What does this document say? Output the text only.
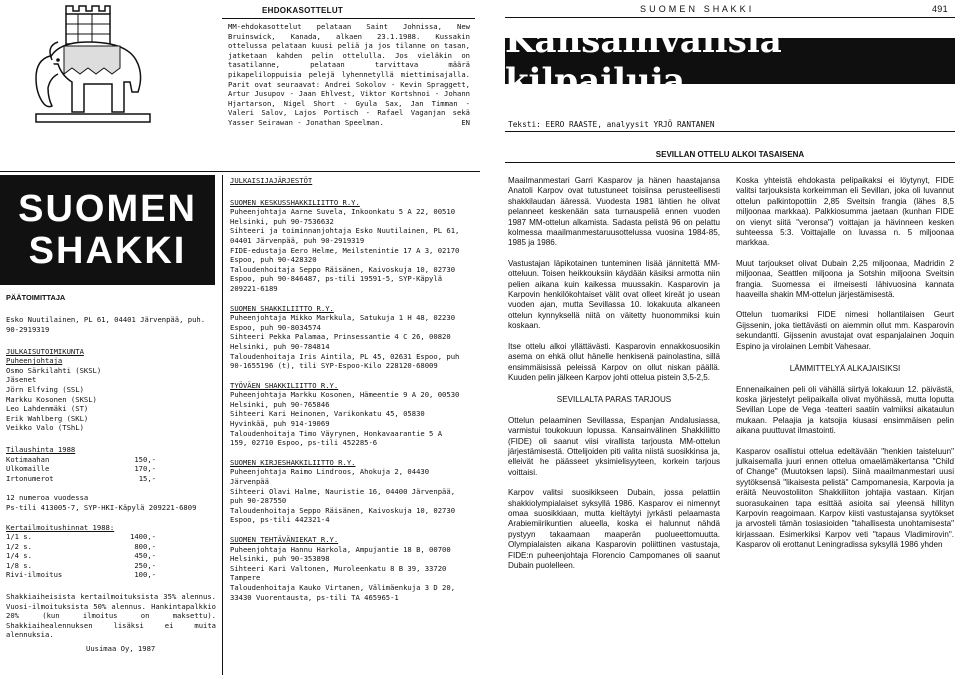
EHDOKASOTTELUT
MM-ehdokasottelut pelataan Saint Johnissa, New Bruinswick, Kanada, alkaen 23.1.1988. Kussakin ottelussa pelataan kuusi peliä ja jos tilanne on tasan, jatketaan kahden pelin ottelulla. Jos vieläkin on tasatilanne, pelataan tarvittava määrä pikapeliloppuisia pelejä lyhennetyllä miettimisajalla. Parit ovat seuraavat: Andrei Sokolov - Kevin Spraggett, Artur Jusupov - Jaan Ehlvest, Viktor Kortshnoi - Johann Hjartarson, Nigel Short - Gyula Sax, Jan Timman - Valeri Salov, Lajos Portisch - Rafael Vaganjan sekä Yasser Seirawan - Jonathan Speelman.	EN
S U O M E N   S H A K K I	491
Kansainvälisiä kilpailuja
Teksti: EERO RAASTE, analyysit YRJÖ RANTANEN
SEVILLAN OTTELU ALKOI TASAISENA
SUOMEN
SHAKKI
PÄÄTOIMITTAJA
Esko Nuutilainen, PL 61, 04401 Järvenpää, puh. 90-2919319
JULKAISUTOIMIKUNTA
Puheenjohtaja
Osmo Särkilahti (SKSL)
Jäsenet
Jörn Elfving (SSL)
Markku Kosonen (SKSL)
Leo Lahdenmäki (ST)
Erik Wahlberg (SKL)
Veikko Valo (TShL)
Tilaushinta 1988
Kotimaahan	150,-
Ulkomaille	170,-
Irtonumerot	15,-
12 numeroa vuodessa
Ps-tili 413005-7, SYP-HKI-Käpylä 209221-6809
Kertailmoitushinnat 1988:
1/1 s.	1400,-
1/2 s.	800,-
1/4 s.	450,-
1/8 s.	250,-
Rivi-ilmoitus	100,-
Shakkiaiheisista kertailmoituksista 35% alennus. Vuosi-ilmoituksista 50% alennus. Hankintapalkkio 20% (kun ilmoitus on maksettu). Shakkiaihealennuksen lisäksi ei muita alennuksia.
Uusimaa Oy, 1987
JULKAISIJAJÄRJESTÖT
SUOMEN KESKUSSHAKKILIITTO R.Y.
Puheenjohtaja Aarne Suvela, Inkoonkatu 5 A 22, 00510 Helsinki, puh 90-7536632
Sihteeri ja toiminnanjohtaja Esko Nuutilainen, PL 61, 04401 Järvenpää, puh 90-2919319
FIDE-edustaja Eero Helme, Meilstenintie 17 A 3, 02170 Espoo, puh 90-428320
Taloudenhoitaja Seppo Räisänen, Kaivoskuja 10, 02730 Espoo, puh 90-846487, ps-tili 19591-5, SYP-Käpylä 209221-6189
SUOMEN SHAKKILIITTO R.Y.
Puheenjohtaja Mikko Markkula, Satukuja 1 H 48, 02230 Espoo, puh 90-8034574
Sihteeri Pekka Palamaa, Prinsessantie 4 C 26, 00820 Helsinki, puh 90-784814
Taloudenhoitaja Iris Aintila, PL 45, 02631 Espoo, puh 90-1655196 (t), tili SYP-Espoo-Kilo 228120-68009
TYÖVÄEN SHAKKILIITTO R.Y.
Puheenjohtaja Markku Kosonen, Hämeentie 9 A 20, 00530 Helsinki, puh 90-765846
Sihteeri Kari Heinonen, Varikonkatu 45, 05830 Hyvinkää, puh 914-19069
Taloudenhoitaja Timo Väyrynen, Honkavaarantie 5 A 159, 02710 Espoo, ps-tili 452285-6
SUOMEN KIRJESHAKKILIITTO R.Y.
Puheenjohtaja Raimo Lindroos, Ahokuja 2, 04430 Järvenpää
Sihteeri Olavi Halme, Nauristie 16, 04400 Järvenpää, puh 90-287550
Taloudenhoitaja Seppo Räisänen, Kaivoskuja 10, 02730 Espoo, ps-tili 442321-4
SUOMEN TEHTÄVÄNIEKAT R.Y.
Puheenjohtaja Hannu Harkola, Ampujantie 18 B, 00700 Helsinki, puh 90-353898
Sihteeri Kari Valtonen, Muroleenkatu 8 B 39, 33720 Tampere
Taloudenhoitaja Kauko Virtanen, Välimäenkuja 3 D 20, 33430 Vuorentausta, ps-tili TA 465965-1

Maailmanmestari Garri Kasparov ja hänen haastajansa Anatoli Karpov ovat tutustuneet toisiinsa perusteellisesti shakkilaudan ääressä. Vuodesta 1981 lähtien he olivat pelanneet keskenään sata turnauspeliä ennen vuoden 1987 MM-ottelun alkamista. Sadasta pelistä 96 on pelattu kolmessa maailmanmestaruusottelussa vuosina 1984-85, 1985 ja 1986.

Vastustajan läpikotainen tunteminen lisää jännitettä MM-otteluun. Toisen heikkouksiin käydään käsiksi armotta niin pelien aikana kuin kaikessa muussakin. Kasparovin ja Karpovin henkilökohtaiset välit ovat olleet kireät jo usean vuoden ajan, mutta Sevillassa 10. lokakuuta alkaneen ottelun kynnyksellä niitä on väitetty huonommiksi kuin koskaan.

Itse ottelu alkoi yllättävästi. Kasparovin ennakkosuosikin asema on ehkä ollut hänelle henkisenä painolastina, sillä ensimmäisissä peleissä Karpov on ollut niskan päällä. Kuuden pelin jälkeen Karpov johti ottelua pistein 3,5-2,5.

SEVILLALTA PARAS TARJOUS

Ottelun pelaaminen Sevillassa, Espanjan Andalusiassa, varmistui toukokuun lopussa. Kansainvälinen Shakkiliitto (FIDE) oli saanut viisi virallista tarjousta MM-ottelun järjestämisestä. Ottelijoiden piti valita niistä suosikkinsa ja, elleivät he päässeet yksimielisyyteen, korkein tarjous voittaisi.

Karpov valitsi suosikikseen Dubain, jossa pelattiin shakkiolympialaiset syksyllä 1986. Kasparov ei nimennyt omaa suosikkiaan, mutta kieltäytyi jyrkästi pelaamasta Arabiemiirikuntien alueella, koska ei halunnut nähdä pystyyn takaamaan maaperän puolueettomuutta. Olympialaisten aikana Kasparovin poliittinen vastustaja, FIDE:n puheenjohtaja Florencio Campomanes oli saanut Dubain puolelleen.

Koska yhteistä ehdokasta pelipaikaksi ei löytynyt, FIDE valitsi tarjouksista korkeimman eli Sevillan, joka oli luvannut ottelun palkintopottiin 2,85 Sveitsin frangia (lähes 8,5 miljoonaa markkaa). Palkkiosumma jaetaan (kunhan FIDE on vienyt siitä "veronsa") voittajan ja hävinneen kesken suhteessa 5:3. Voittajalle on luvassa n. 5 miljoonaa markkaa.

Muut tarjoukset olivat Dubain 2,25 miljoonaa, Madridin 2 miljoonaa, Seattlen miljoona ja Sotshin miljoona Sveitsin frangia. Suomessa ei ilmeisesti lähivuosina kannata haaveilla shakin MM-ottelun järjestämisestä.

Ottelun tuomariksi FIDE nimesi hollantilaisen Geurt Gijssenin, joka tiettävästi on aiemmin ollut mm. Kasparovin sekundantti. Gijssenin avustajat ovat espanjalainen Joquin Espino ja virolainen Lembit Vahesaar.

LÄMMITTELYÄ ALKAJAISIKSI

Ennenaikainen peli oli vähällä siirtyä lokakuun 12. päivästä, koska järjestelyt pelipaikalla olivat myöhässä, mutta loputta Sevillan Lope de Vega -teatteri saatiin valmiiksi aikataulun mukaan. Pelaajia ja katsojia kiusasi ensimmäisen pelin aikana puuttuvat ilmastointi.

Kasparov osallistui ottelua edeltävään "henkien taisteluun" julkaisemalla juuri ennen ottelua omaelämäkertansa "Child of Change" (Muutoksen lapsi). Siinä maailmanmestari uusi syytöksensä "likaisesta pelistä" Campomanesia, Karpovia ja eräitä Neuvostoliiton Shakkiliiton johtajia vastaan. Kirjan suorasukainen tapa esittää asioita sai yleensä hillityn Karpovin reagoimaan. Karpov kiisti vastustajansa syytökset ja arvosteli tämän tosiasioiden "tahallisesta unohtamisesta" kirjassaan. Esimerkiksi Karpov veti "tapaus Vladimirovin". Kasparov oli erottanut Leningradissa syksyllä 1986 yhden
